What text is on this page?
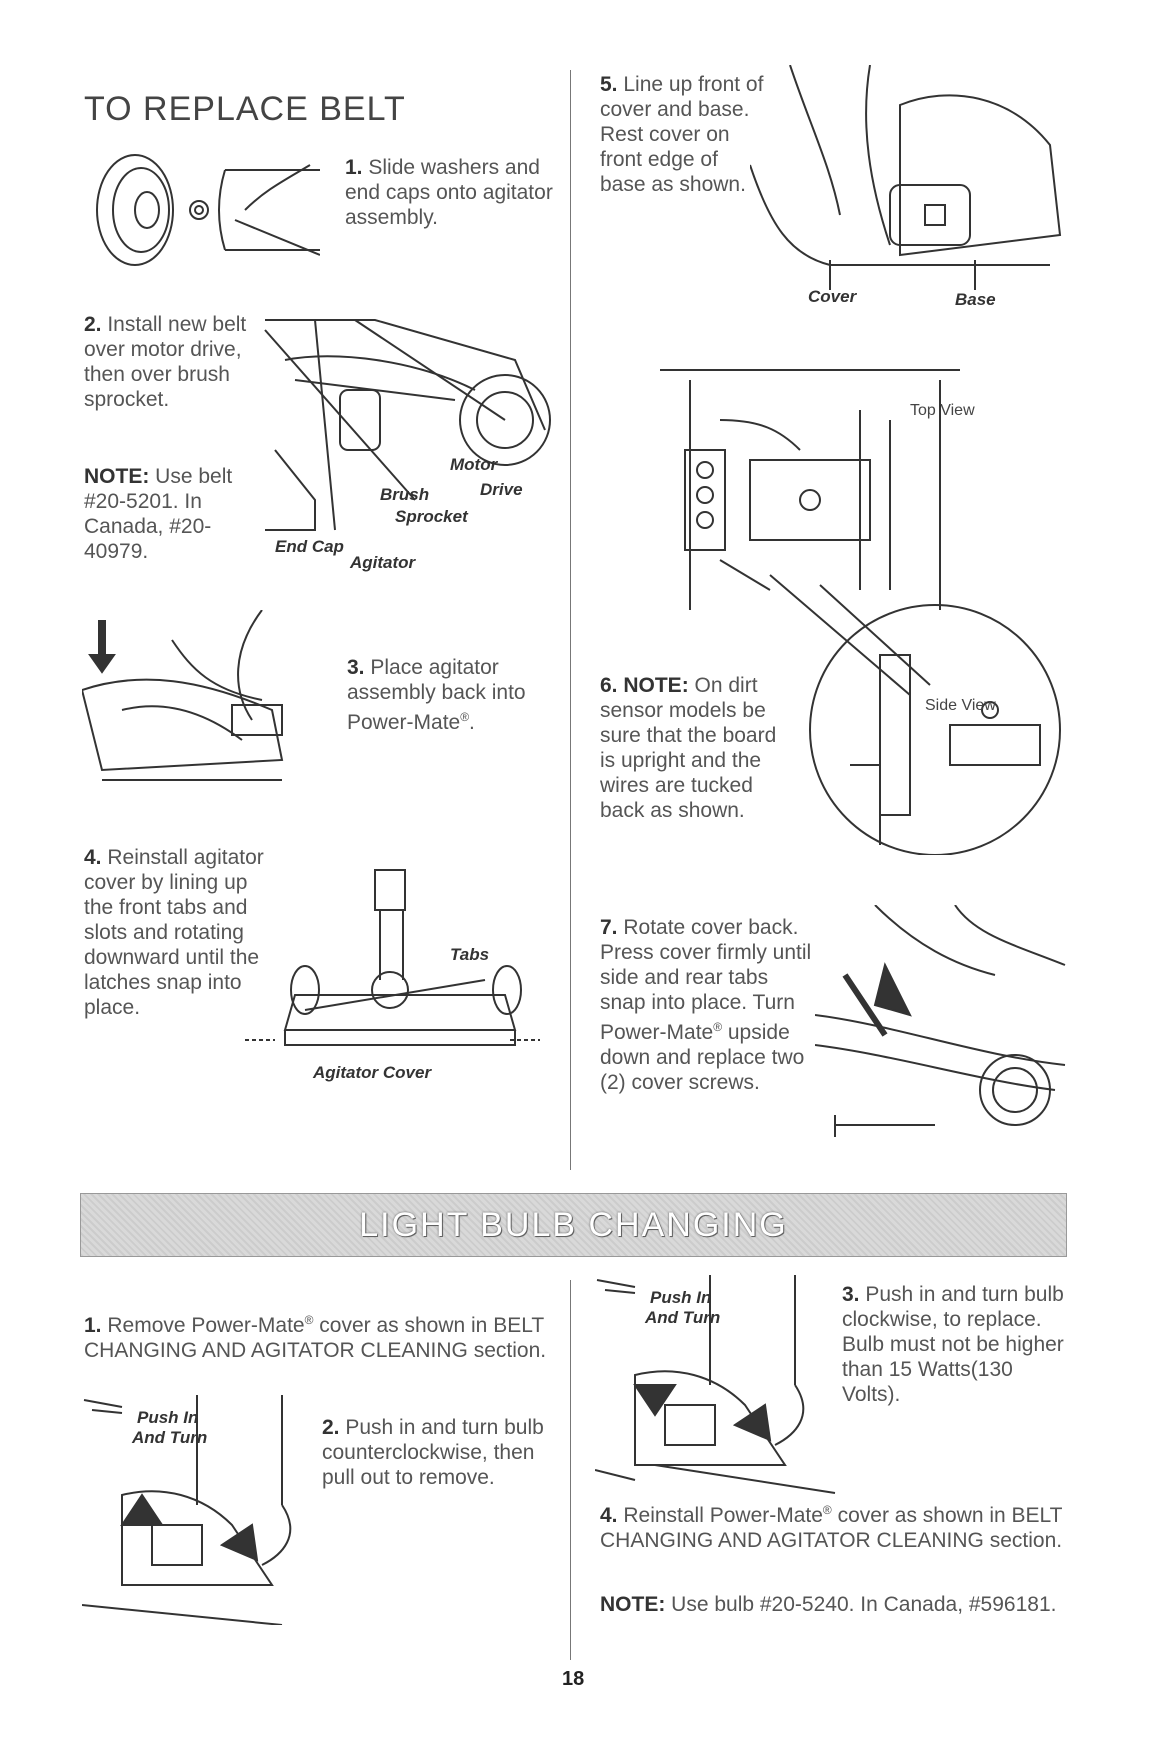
TO REPLACE BELT
1. Slide washers and end caps onto agitator assembly.
2. Install new belt over motor drive, then over brush sprocket.
NOTE: Use belt #20-5201. In Canada, #20-40979.
Motor
Drive
Brush
Sprocket
End Cap
Agitator
3. Place agitator assembly back into Power-Mate®.
4. Reinstall agitator cover by lining up the front tabs and slots and rotating downward until the latches snap into place.
Tabs
Agitator Cover
5. Line up front of cover and base. Rest cover on front edge of base as shown.
Cover	Base
Top View
Side View
6. NOTE: On dirt sensor models be sure that the board is upright and the wires are tucked back as shown.
7. Rotate cover back. Press cover firmly until side and rear tabs snap into place. Turn Power-Mate® upside down and replace two (2) cover screws.
LIGHT BULB CHANGING
1. Remove Power-Mate® cover as shown in BELT CHANGING AND AGITATOR CLEANING section.
Push In
And Turn	2. Push in and turn bulb counterclockwise, then pull out to remove.
Push In
And Turn
3. Push in and turn bulb clockwise, to replace. Bulb must not be higher than 15 Watts(130 Volts).
4. Reinstall Power-Mate® cover as shown in BELT CHANGING AND AGITATOR CLEANING section.
NOTE: Use bulb #20-5240. In Canada, #596181.
18
